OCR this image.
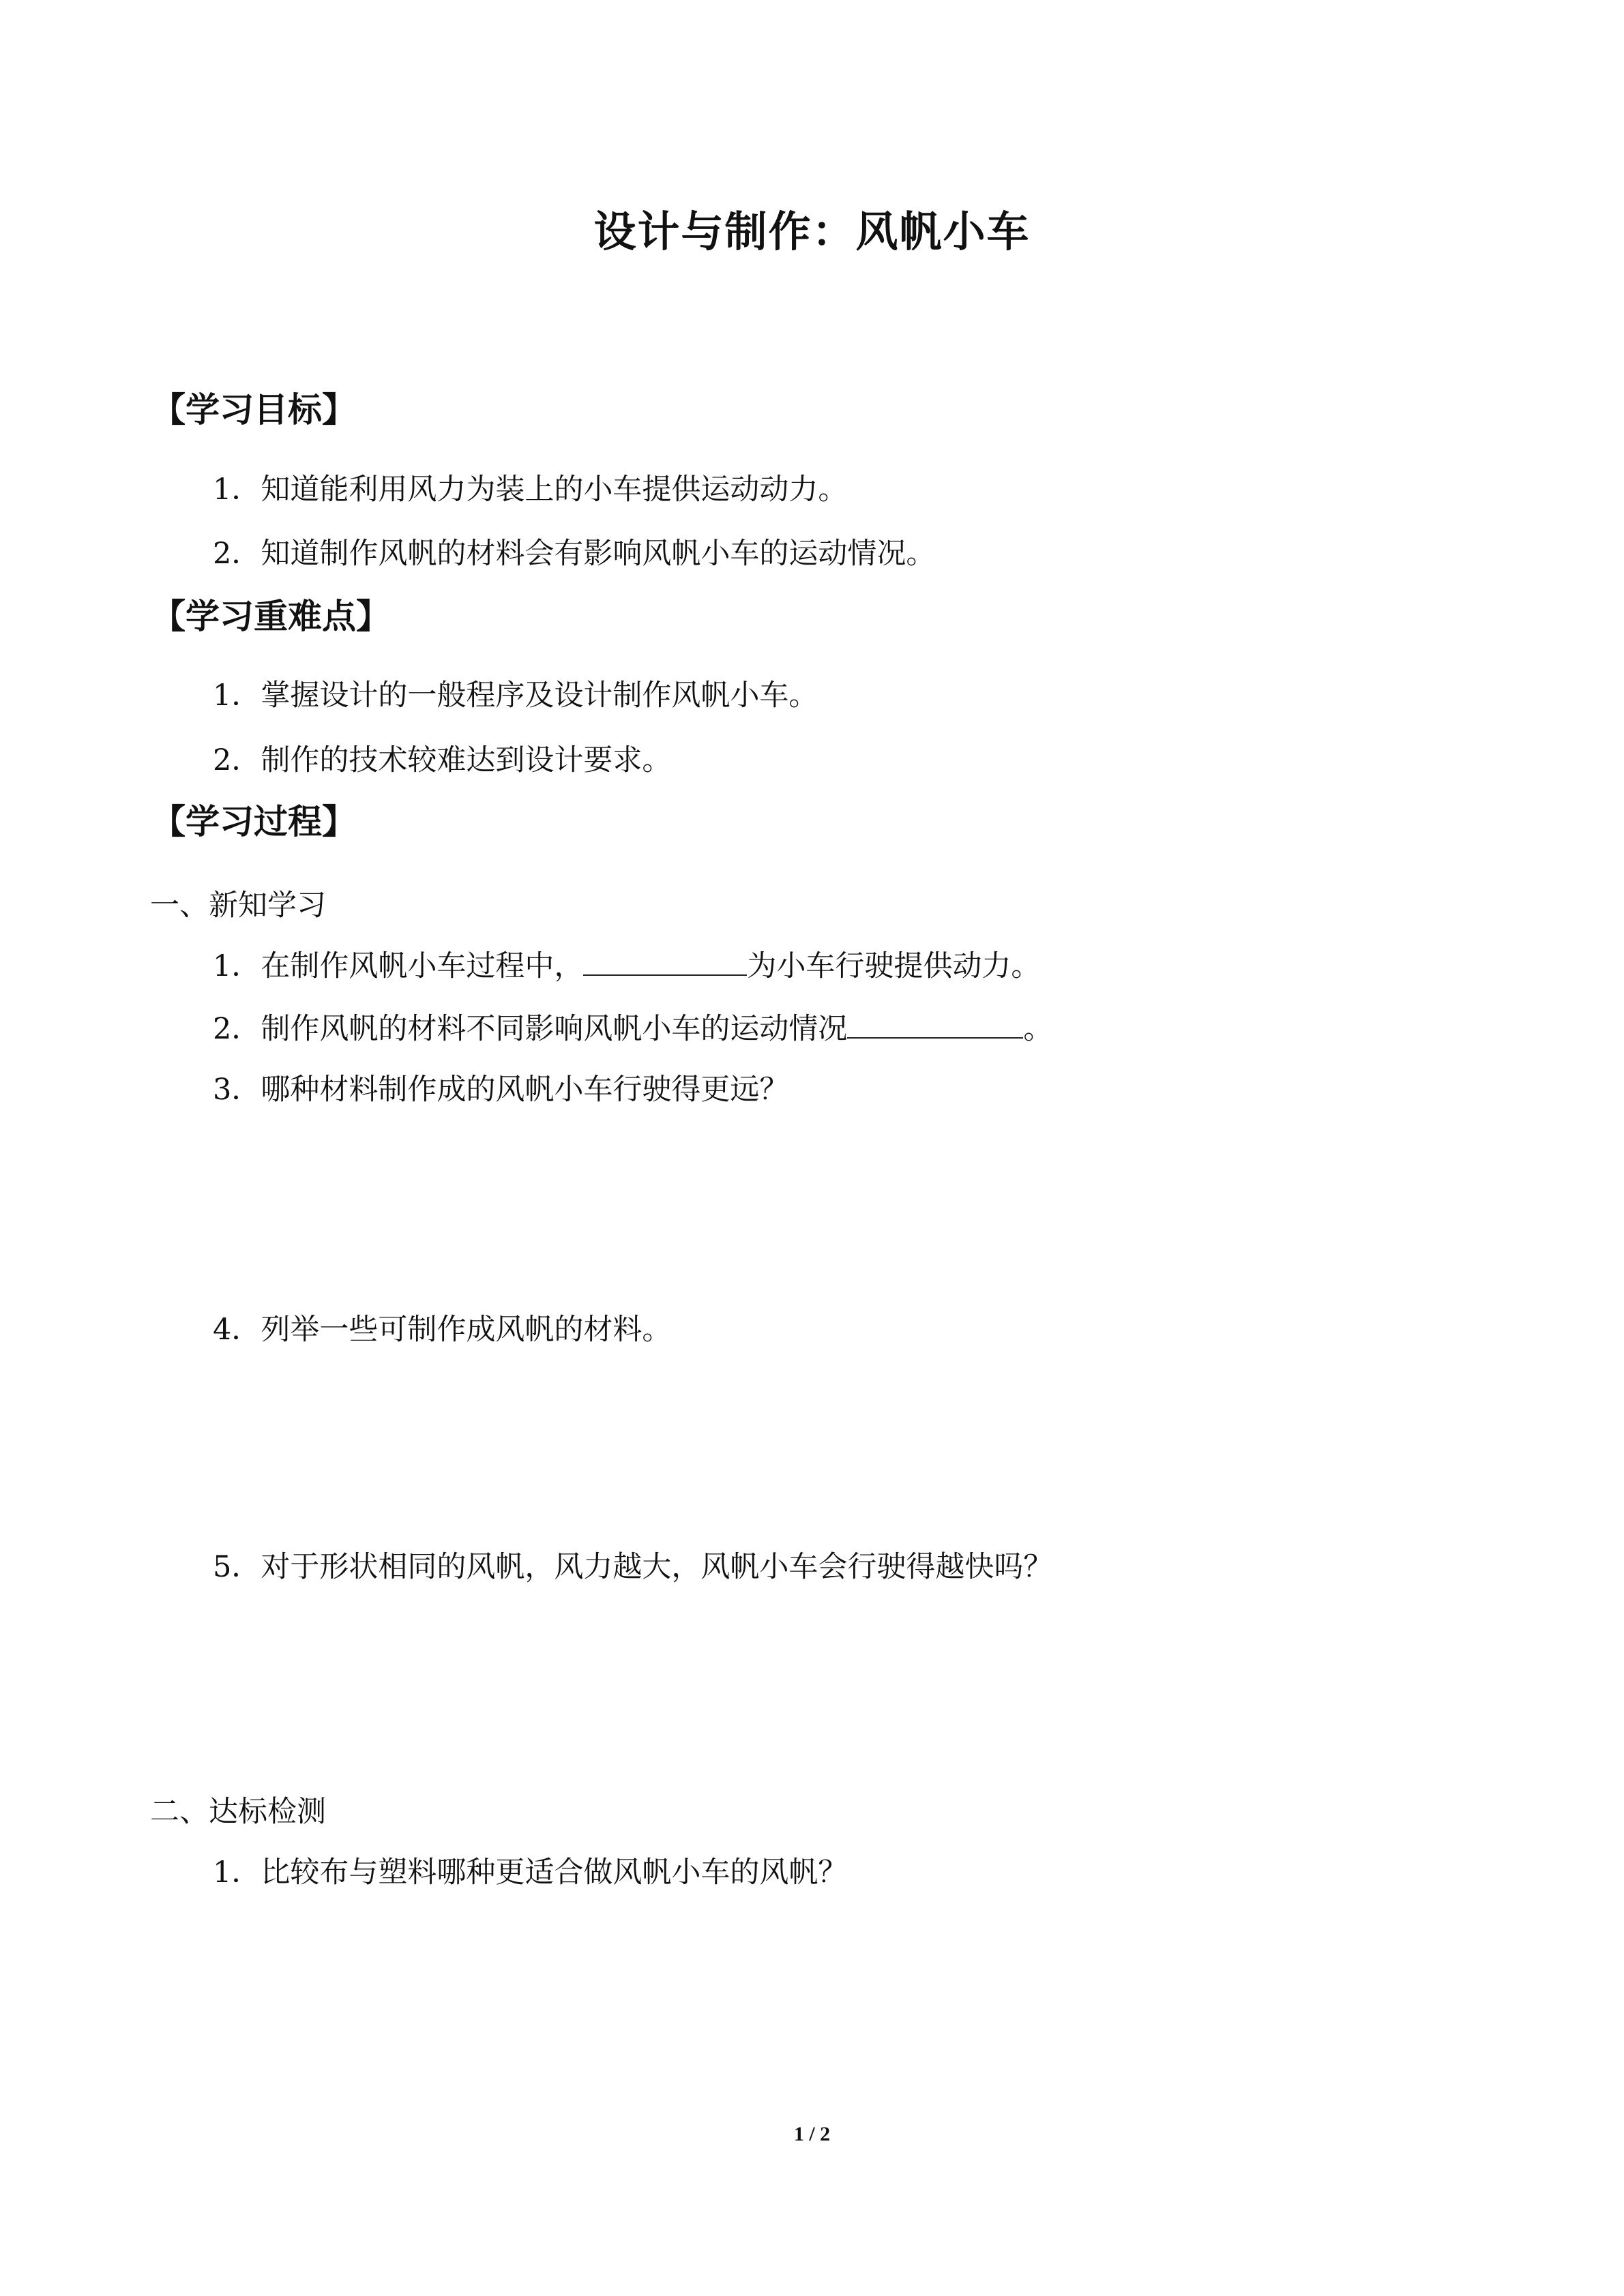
设计与制作：风帆小车
【学习目标】
1．知道能利用风力为装上的小车提供运动动力。
2．知道制作风帆的材料会有影响风帆小车的运动情况。
【学习重难点】
1．掌握设计的一般程序及设计制作风帆小车。
2．制作的技术较难达到设计要求。
【学习过程】
一、新知学习
1．在制作风帆小车过程中，	为小车行驶提供动力。
2．制作风帆的材料不同影响风帆小车的运动情况	。
3．哪种材料制作成的风帆小车行驶得更远？
4．列举一些可制作成风帆的材料。
5．对于形状相同的风帆，风力越大，风帆小车会行驶得越快吗？
二、达标检测
1．比较布与塑料哪种更适合做风帆小车的风帆？
1 / 2
